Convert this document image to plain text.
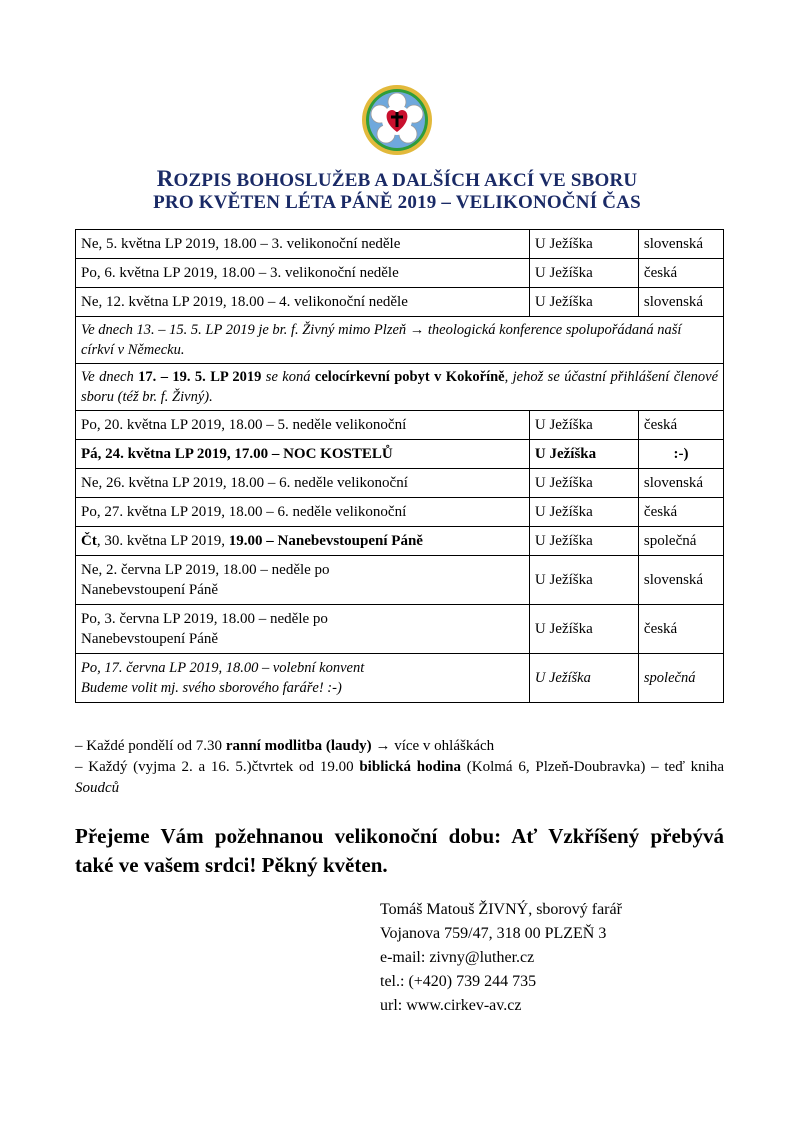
ROZPIS BOHOSLUŽEB A DALŠÍCH AKCÍ VE SBORU
PRO KVĚTEN LÉTA PÁNĚ 2019 – VELIKONOČNÍ ČAS
Ne, 5. května LP 2019, 18.00 – 3. velikonoční neděle	U Ježíška	slovenská
Po, 6. května LP 2019, 18.00 – 3. velikonoční neděle	U Ježíška	česká
Ne, 12. května LP 2019, 18.00 – 4. velikonoční neděle	U Ježíška	slovenská
Ve dnech 13. – 15. 5. LP 2019 je br. f. Živný mimo Plzeň → theologická konference spolupořádaná naší církví v Německu.		
Ve dnech 17. – 19. 5. LP 2019 se koná celocírkevní pobyt v Kokoříně, jehož se účastní přihlášení členové sboru (též br. f. Živný).		
Po, 20. května LP 2019, 18.00 – 5. neděle velikonoční	U Ježíška	česká
Pá, 24. května LP 2019, 17.00 – NOC KOSTELŮ	U Ježíška	:-)
Ne, 26. května LP 2019, 18.00 – 6. neděle velikonoční	U Ježíška	slovenská
Po, 27. května LP 2019, 18.00 – 6. neděle velikonoční	U Ježíška	česká
Čt, 30. května LP 2019, 19.00 – Nanebevstoupení Páně	U Ježíška	společná
Ne, 2. června LP 2019, 18.00 – neděle po Nanebevstoupení Páně	U Ježíška	slovenská
Po, 3. června LP 2019, 18.00 – neděle po Nanebevstoupení Páně	U Ježíška	česká
Po, 17. června LP 2019, 18.00 – volební konvent
Budeme volit mj. svého sborového faráře! :-)	U Ježíška	společná

– Každé pondělí od 7.30 ranní modlitba (laudy) → více v ohláškách

– Každý (vyjma 2. a 16. 5.)čtvrtek od 19.00 biblická hodina (Kolmá 6, Plzeň-Doubravka) – teď kniha Soudců

Přejeme Vám požehnanou velikonoční dobu: Ať Vzkříšený přebývá také ve vašem srdci! Pěkný květen.

Tomáš Matouš ŽIVNÝ, sborový farář

Vojanova 759/47, 318 00 PLZEŇ 3

e-mail: zivny@luther.cz

tel.: (+420) 739 244 735

url: www.cirkev-av.cz
